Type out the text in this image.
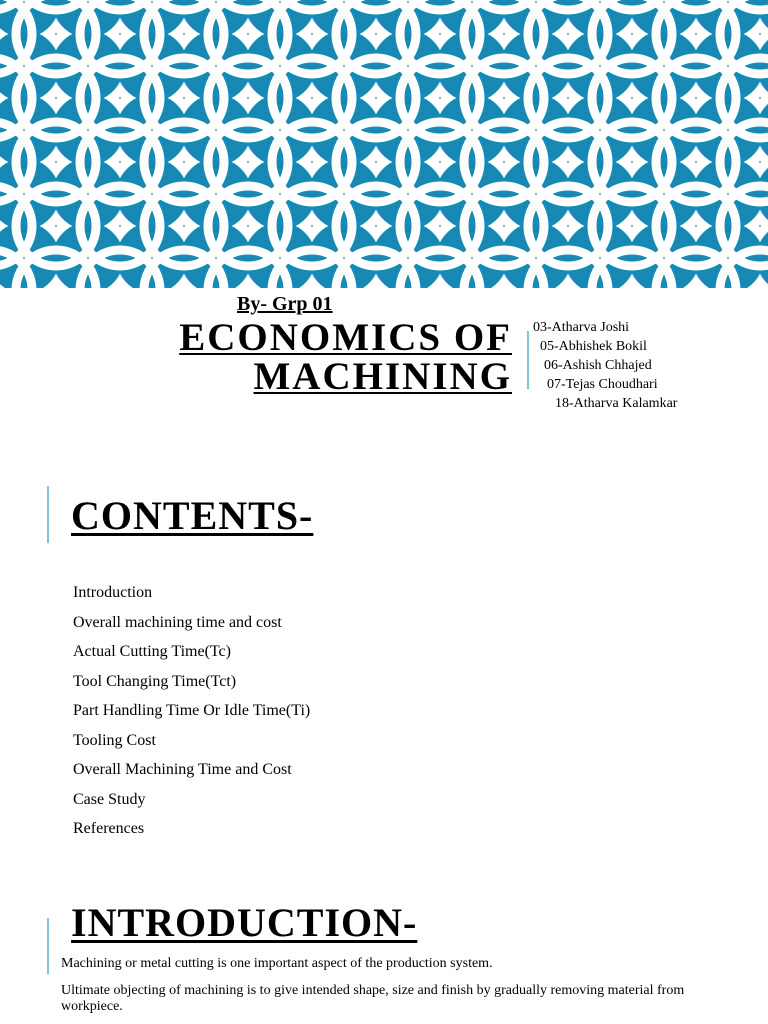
By- Grp 01

ECONOMICS OF
MACHINING
03-Atharva Joshi
05-Abhishek Bokil
06-Ashish Chhajed
07-Tejas Choudhari
18-Atharva Kalamkar
CONTENTS-
Introduction
Overall machining time and cost
Actual Cutting Time(Tc)
Tool Changing Time(Tct)
Part Handling Time Or Idle Time(Ti)
Tooling Cost
Overall Machining Time and Cost
Case Study
References
INTRODUCTION-

Machining or metal cutting is one important aspect of the production system.

Ultimate objecting of machining is to give intended shape, size and finish by gradually removing material from workpiece.
